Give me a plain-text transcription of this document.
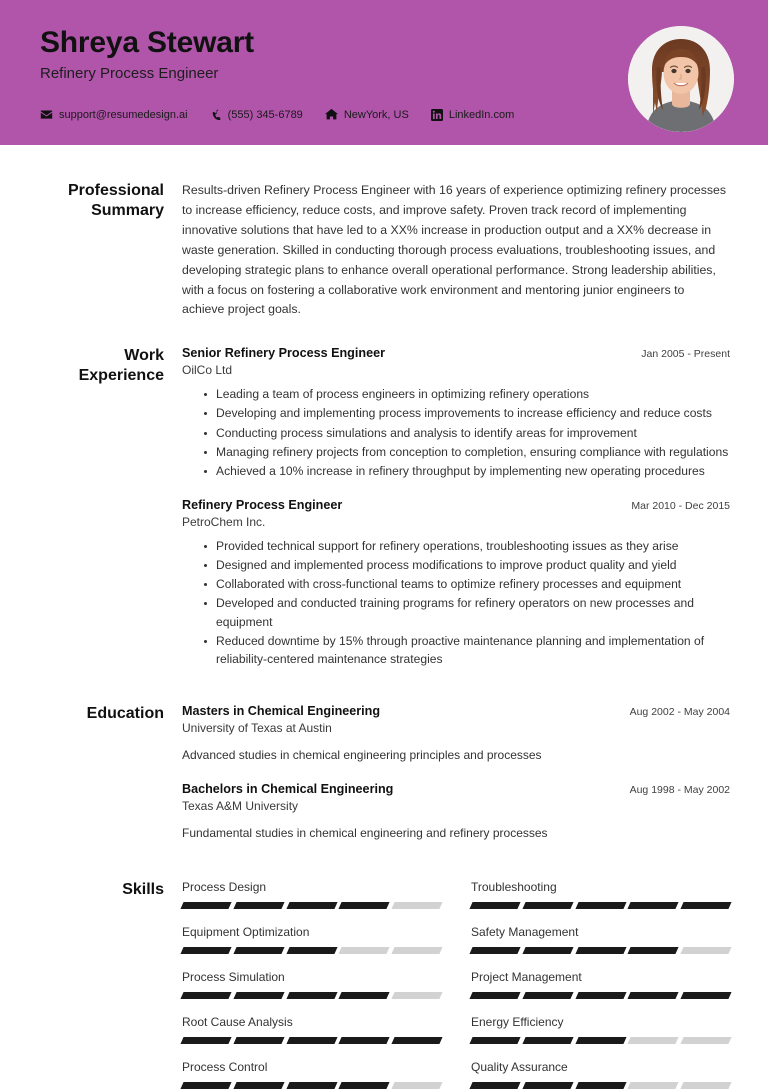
Shreya Stewart
Refinery Process Engineer
support@resumedesign.ai	(555) 345-6789	NewYork, US	LinkedIn.com
Professional Summary
Results-driven Refinery Process Engineer with 16 years of experience optimizing refinery processes to increase efficiency, reduce costs, and improve safety. Proven track record of implementing innovative solutions that have led to a XX% increase in production output and a XX% decrease in waste generation. Skilled in conducting thorough process evaluations, troubleshooting issues, and developing strategic plans to enhance overall operational performance. Strong leadership abilities, with a focus on fostering a collaborative work environment and mentoring junior engineers to achieve project goals.
Work Experience
Senior Refinery Process Engineer	Jan 2005 - Present
OilCo Ltd
Leading a team of process engineers in optimizing refinery operations
Developing and implementing process improvements to increase efficiency and reduce costs
Conducting process simulations and analysis to identify areas for improvement
Managing refinery projects from conception to completion, ensuring compliance with regulations
Achieved a 10% increase in refinery throughput by implementing new operating procedures
Refinery Process Engineer	Mar 2010 - Dec 2015
PetroChem Inc.
Provided technical support for refinery operations, troubleshooting issues as they arise
Designed and implemented process modifications to improve product quality and yield
Collaborated with cross-functional teams to optimize refinery processes and equipment
Developed and conducted training programs for refinery operators on new processes and equipment
Reduced downtime by 15% through proactive maintenance planning and implementation of reliability-centered maintenance strategies
Education	Masters in Chemical Engineering	Aug 2002 - May 2004
University of Texas at Austin
Advanced studies in chemical engineering principles and processes
Bachelors in Chemical Engineering	Aug 1998 - May 2002
Texas A&M University
Fundamental studies in chemical engineering and refinery processes
Skills	Process Design	Troubleshooting
Equipment Optimization	Safety Management
Process Simulation	Project Management
Root Cause Analysis	Energy Efficiency
Process Control	Quality Assurance
